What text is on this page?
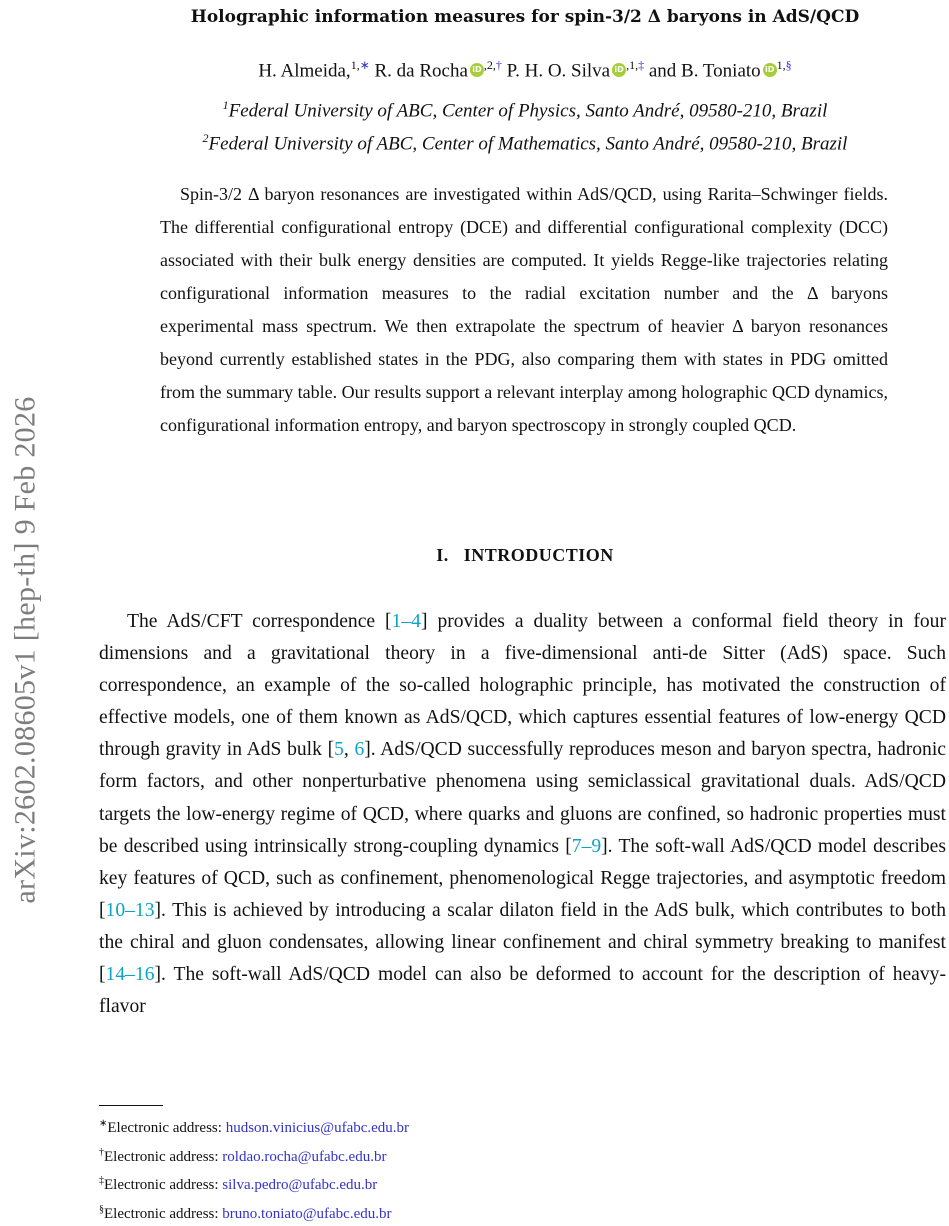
arXiv:2602.08605v1 [hep-th] 9 Feb 2026
Holographic information measures for spin-3/2 Δ baryons in AdS/QCD
H. Almeida,$^{1,∗}$ R. da Rocha iD $^{,2,\dagger}$ P. H. O. Silva iD $^{,1,\ddagger}$ and B. Toniato iD $^{1,\S}$
$^1$Federal University of ABC, Center of Physics, Santo André, 09580-210, Brazil
$^2$Federal University of ABC, Center of Mathematics, Santo André, 09580-210, Brazil

Spin-3/2 Δ baryon resonances are investigated within AdS/QCD, using Rarita–Schwinger fields. The differential configurational entropy (DCE) and differential configurational complexity (DCC) associated with their bulk energy densities are computed. It yields Regge-like trajectories relating configurational information measures to the radial excitation number and the Δ baryons experimental mass spectrum. We then extrapolate the spectrum of heavier Δ baryon resonances beyond currently established states in the PDG, also comparing them with states in PDG omitted from the summary table. Our results support a relevant interplay among holographic QCD dynamics, configurational information entropy, and baryon spectroscopy in strongly coupled QCD.

I. INTRODUCTION

The AdS/CFT correspondence [1–4] provides a duality between a conformal field theory in four dimensions and a gravitational theory in a five-dimensional anti-de Sitter (AdS) space. Such correspondence, an example of the so-called holographic principle, has motivated the construction of effective models, one of them known as AdS/QCD, which captures essential features of low-energy QCD through gravity in AdS bulk [5, 6]. AdS/QCD successfully reproduces meson and baryon spectra, hadronic form factors, and other nonperturbative phenomena using semiclassical gravitational duals. AdS/QCD targets the low-energy regime of QCD, where quarks and gluons are confined, so hadronic properties must be described using intrinsically strong-coupling dynamics [7–9]. The soft-wall AdS/QCD model describes key features of QCD, such as confinement, phenomenological Regge trajectories, and asymptotic freedom [10–13]. This is achieved by introducing a scalar dilaton field in the AdS bulk, which contributes to both the chiral and gluon condensates, allowing linear confinement and chiral symmetry breaking to manifest [14–16]. The soft-wall AdS/QCD model can also be deformed to account for the description of heavy-flavor

∗Electronic address: hudson.vinicius@ufabc.edu.br
†Electronic address: roldao.rocha@ufabc.edu.br
‡Electronic address: silva.pedro@ufabc.edu.br
§Electronic address: bruno.toniato@ufabc.edu.br
